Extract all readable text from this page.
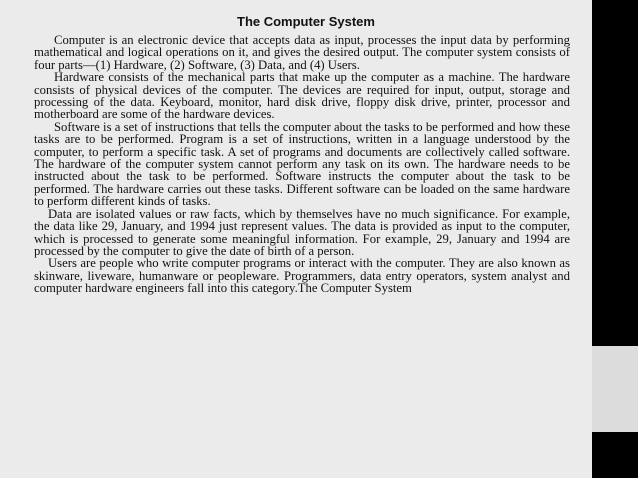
The Computer System

Computer is an electronic device that accepts data as input, processes the input data by performing mathematical and logical operations on it, and gives the desired output. The computer system consists of four parts—(1) Hardware, (2) Software, (3) Data, and (4) Users.

Hardware consists of the mechanical parts that make up the computer as a machine. The hardware consists of physical devices of the computer. The devices are required for input, output, storage and processing of the data. Keyboard, monitor, hard disk drive, floppy disk drive, printer, processor and motherboard are some of the hardware devices.

Software is a set of instructions that tells the computer about the tasks to be performed and how these tasks are to be performed. Program is a set of instructions, written in a language understood by the computer, to perform a specific task. A set of programs and documents are collectively called software. The hardware of the computer system cannot perform any task on its own. The hardware needs to be instructed about the task to be performed. Software instructs the computer about the task to be performed. The hardware carries out these tasks. Different software can be loaded on the same hardware to perform different kinds of tasks.

Data are isolated values or raw facts, which by themselves have no much significance. For example, the data like 29, January, and 1994 just represent values. The data is provided as input to the computer, which is processed to generate some meaningful information. For example, 29, January and 1994 are processed by the computer to give the date of birth of a person.

Users are people who write computer programs or interact with the computer. They are also known as skinware, liveware, humanware or peopleware. Programmers, data entry operators, system analyst and computer hardware engineers fall into this category.The Computer System
